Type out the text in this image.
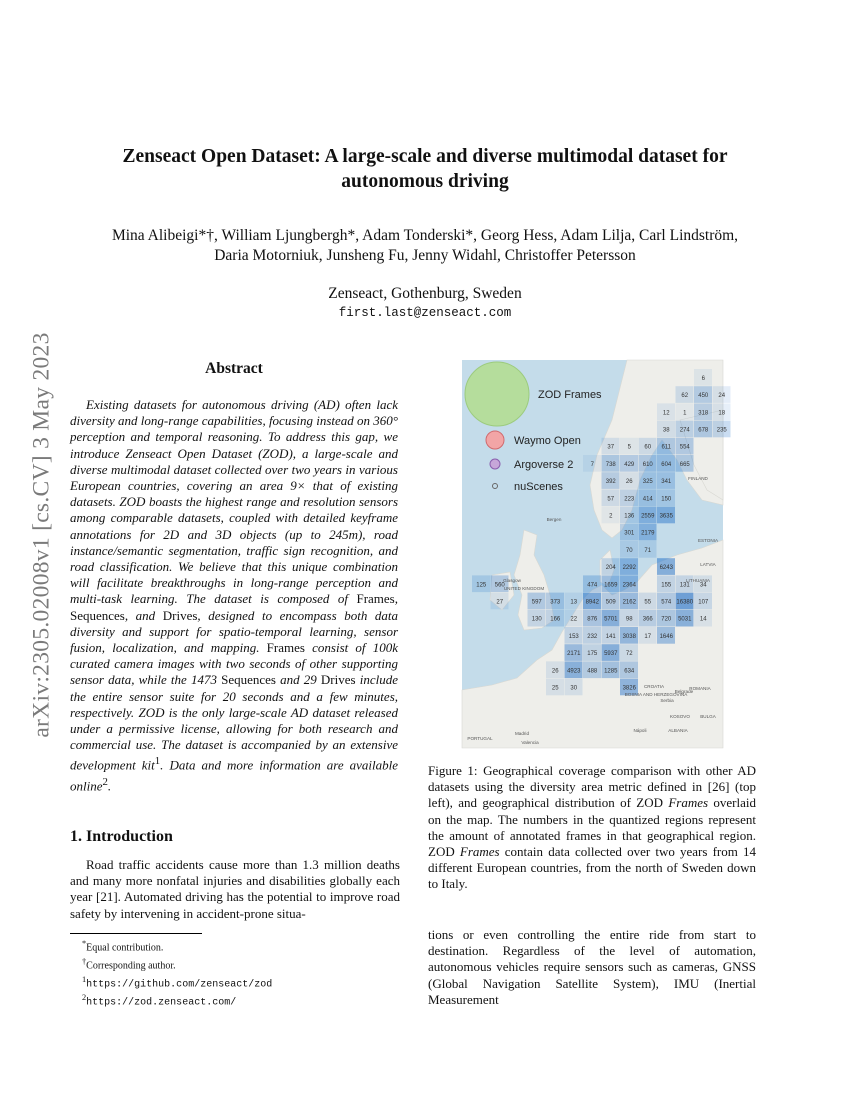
arXiv:2305.02008v1 [cs.CV] 3 May 2023
Zenseact Open Dataset: A large-scale and diverse multimodal dataset for
autonomous driving
Mina Alibeigi*†, William Ljungbergh*, Adam Tonderski*, Georg Hess, Adam Lilja, Carl Lindström,
Daria Motorniuk, Junsheng Fu, Jenny Widahl, Christoffer Petersson
Zenseact, Gothenburg, Sweden
first.last@zenseact.com
Abstract

Existing datasets for autonomous driving (AD) often lack diversity and long-range capabilities, focusing instead on 360° perception and temporal reasoning. To address this gap, we introduce Zenseact Open Dataset (ZOD), a large-scale and diverse multimodal dataset collected over two years in various European countries, covering an area 9× that of existing datasets. ZOD boasts the highest range and resolution sensors among comparable datasets, coupled with detailed keyframe annotations for 2D and 3D objects (up to 245m), road instance/semantic segmentation, traffic sign recognition, and road classification. We believe that this unique combination will facilitate breakthroughs in long-range perception and multi-task learning. The dataset is composed of Frames, Sequences, and Drives, designed to encompass both data diversity and support for spatio-temporal learning, sensor fusion, localization, and mapping. Frames consist of 100k curated camera images with two seconds of other supporting sensor data, while the 1473 Sequences and 29 Drives include the entire sensor suite for 20 seconds and a few minutes, respectively. ZOD is the only large-scale AD dataset released under a permissive license, allowing for both research and commercial use. The dataset is accompanied by an extensive development kit$^1$. Data and more information are available online$^2$.

1. Introduction

Road traffic accidents cause more than 1.3 million deaths and many more nonfatal injuries and disabilities globally each year [21]. Automated driving has the potential to improve road safety by intervening in accident-prone situa-

*Equal contribution.
†Corresponding author.
$^1$https://github.com/zenseact/zod
$^2$https://zod.zenseact.com/
6
62 450 24
12 1 318 18
38 274 678 235
37 5 60 611 554
7 738 429 610 604 665
392 26 325 341
57 223 414 150
2 136 2559 3635
301 2179
70 71
204 2292	6243
125 560	474 1659 2364	155 131 34
27	597 373 13 8942 509 2162 55 574 16380 107
130 166 22 876 5701 98 366 720 5031 14
153 232 141 3038 17 1646
2171 175 5937 72
26 4923 488 1285 634
25 30	3826
FINLAND
ESTONIA
LATVIA
LITHUANIA
UNITED KINGDOM
Glasgow
Bergen
ROMANIA
CROATIA
BOSNIA AND HERZEGOVINA
Belgrade
KOSOVO BULGA
ALBANIA
PORTUGAL
Madrid
Valencia
Nápoli
Serbia
ZOD Frames
Waymo Open
Argoverse 2
nuScenes
Figure 1: Geographical coverage comparison with other AD datasets using the diversity area metric defined in [26] (top left), and geographical distribution of ZOD Frames overlaid on the map. The numbers in the quantized regions represent the amount of annotated frames in that geographical region. ZOD Frames contain data collected over two years from 14 different European countries, from the north of Sweden down to Italy.

tions or even controlling the entire ride from start to destination. Regardless of the level of automation, autonomous vehicles require sensors such as cameras, GNSS (Global Navigation Satellite System), IMU (Inertial Measurement
